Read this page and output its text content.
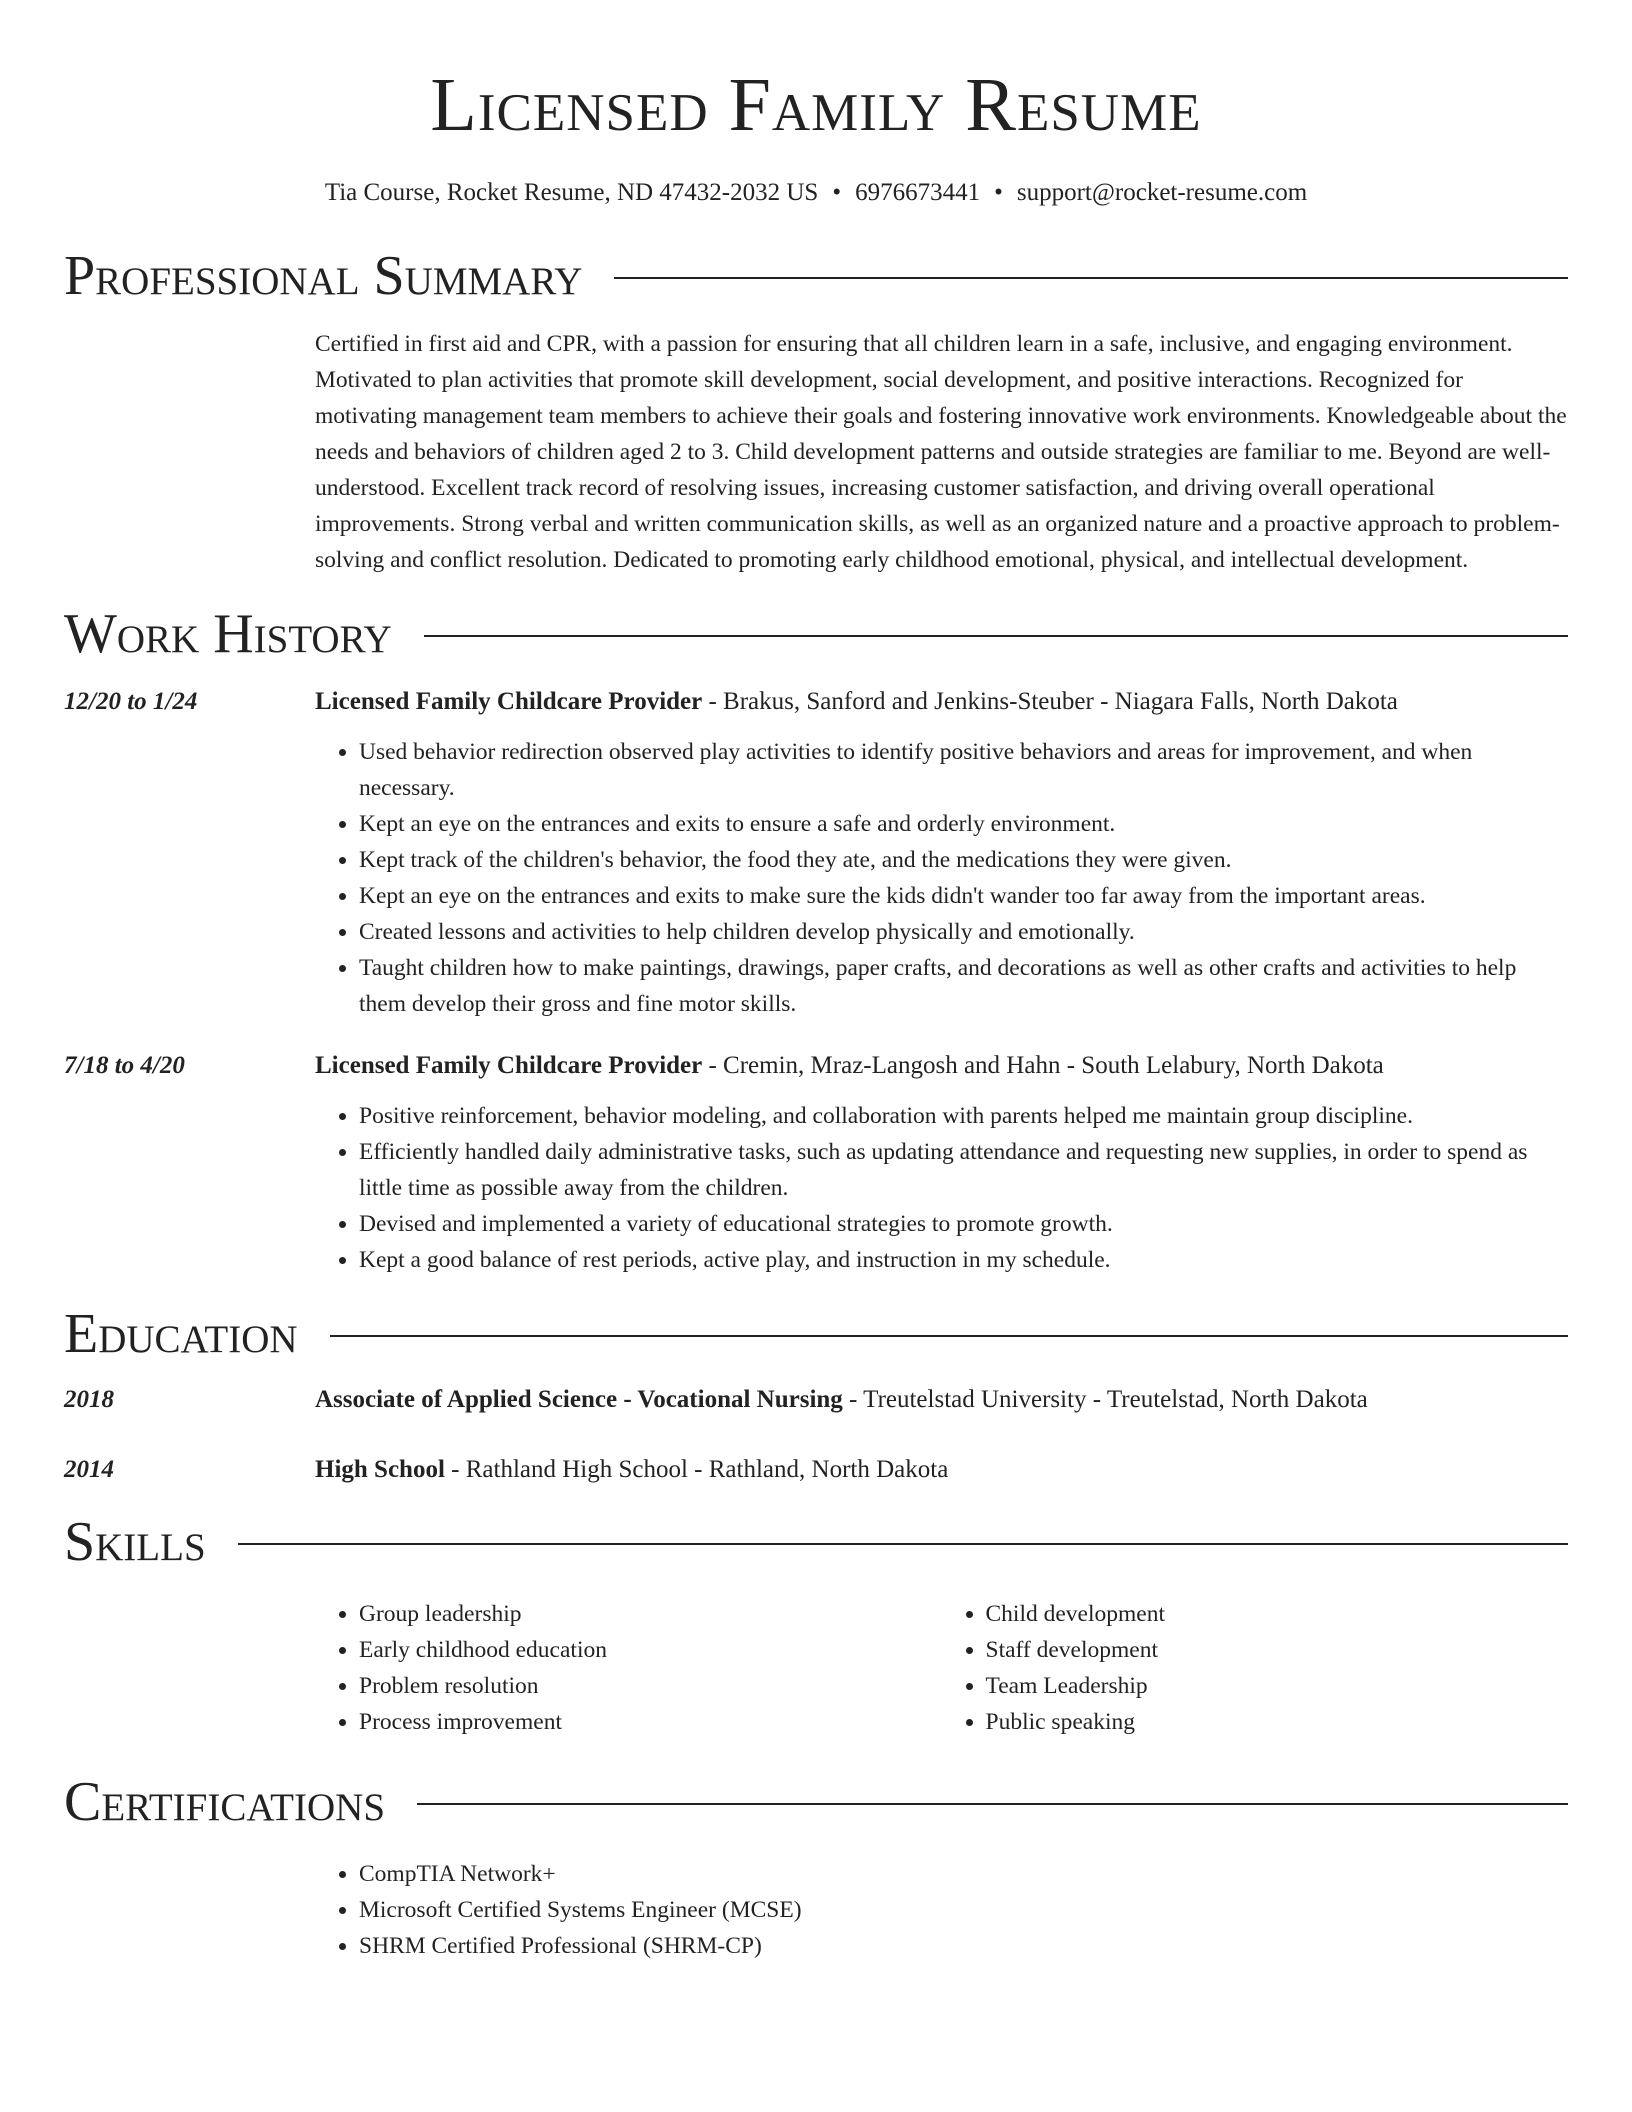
Licensed Family Resume
Tia Course, Rocket Resume, ND 47432-2032 US • 6976673441 • support@rocket-resume.com
Professional Summary
Certified in first aid and CPR, with a passion for ensuring that all children learn in a safe, inclusive, and engaging environment. Motivated to plan activities that promote skill development, social development, and positive interactions. Recognized for motivating management team members to achieve their goals and fostering innovative work environments. Knowledgeable about the needs and behaviors of children aged 2 to 3. Child development patterns and outside strategies are familiar to me. Beyond are well-understood. Excellent track record of resolving issues, increasing customer satisfaction, and driving overall operational improvements. Strong verbal and written communication skills, as well as an organized nature and a proactive approach to problem-solving and conflict resolution. Dedicated to promoting early childhood emotional, physical, and intellectual development.
Work History
12/20 to 1/24	Licensed Family Childcare Provider - Brakus, Sanford and Jenkins-Steuber - Niagara Falls, North Dakota
• Used behavior redirection observed play activities to identify positive behaviors and areas for improvement, and when necessary.
• Kept an eye on the entrances and exits to ensure a safe and orderly environment.
• Kept track of the children's behavior, the food they ate, and the medications they were given.
• Kept an eye on the entrances and exits to make sure the kids didn't wander too far away from the important areas.
• Created lessons and activities to help children develop physically and emotionally.
• Taught children how to make paintings, drawings, paper crafts, and decorations as well as other crafts and activities to help them develop their gross and fine motor skills.
7/18 to 4/20	Licensed Family Childcare Provider - Cremin, Mraz-Langosh and Hahn - South Lelabury, North Dakota
• Positive reinforcement, behavior modeling, and collaboration with parents helped me maintain group discipline.
• Efficiently handled daily administrative tasks, such as updating attendance and requesting new supplies, in order to spend as little time as possible away from the children.
• Devised and implemented a variety of educational strategies to promote growth.
• Kept a good balance of rest periods, active play, and instruction in my schedule.
Education
2018	Associate of Applied Science - Vocational Nursing - Treutelstad University - Treutelstad, North Dakota
2014	High School - Rathland High School - Rathland, North Dakota
Skills
• Group leadership
• Early childhood education
• Problem resolution
• Process improvement
• Child development
• Staff development
• Team Leadership
• Public speaking
Certifications
• CompTIA Network+
• Microsoft Certified Systems Engineer (MCSE)
• SHRM Certified Professional (SHRM-CP)
